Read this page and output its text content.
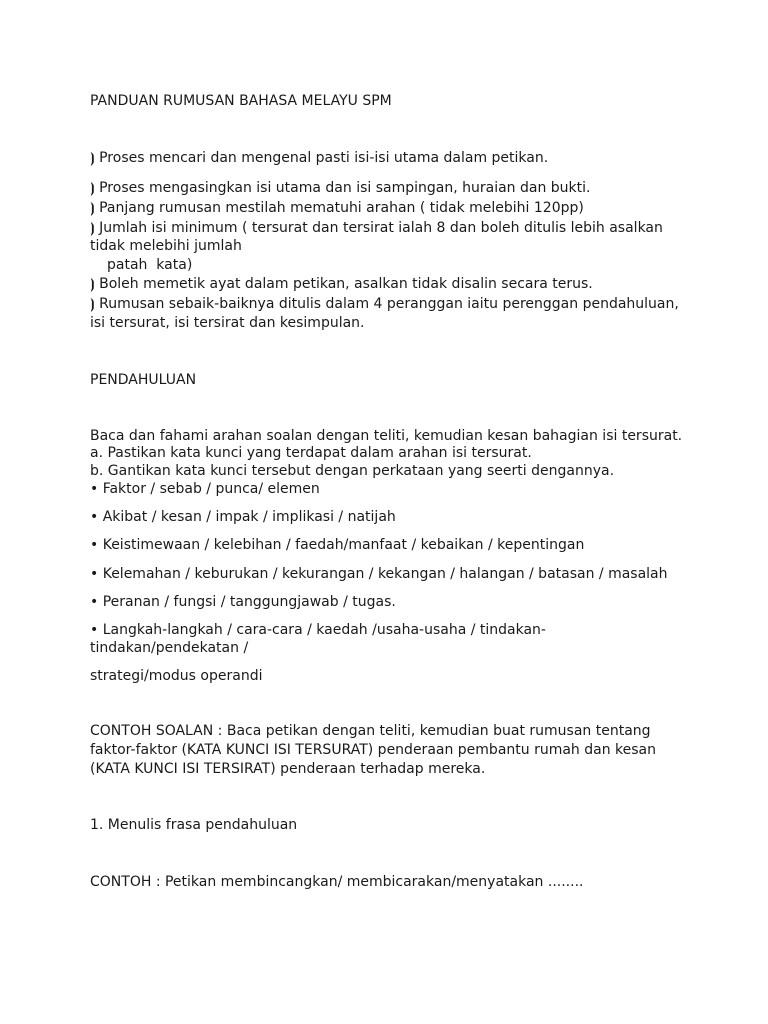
PANDUAN RUMUSAN BAHASA MELAYU SPM
⦘ Proses mencari dan mengenal pasti isi-isi utama dalam petikan.
⦘ Proses mengasingkan isi utama dan isi sampingan, huraian dan bukti.
⦘ Panjang rumusan mestilah mematuhi arahan ( tidak melebihi 120pp)
⦘ Jumlah isi minimum ( tersurat dan tersirat ialah 8 dan boleh ditulis lebih asalkan
tidak melebihi jumlah
patah  kata)
⦘ Boleh memetik ayat dalam petikan, asalkan tidak disalin secara terus.
⦘ Rumusan sebaik-baiknya ditulis dalam 4 peranggan iaitu perenggan pendahuluan,
isi tersurat, isi tersirat dan kesimpulan.
PENDAHULUAN
Baca dan fahami arahan soalan dengan teliti, kemudian kesan bahagian isi tersurat.
a. Pastikan kata kunci yang terdapat dalam arahan isi tersurat.
b. Gantikan kata kunci tersebut dengan perkataan yang seerti dengannya.
• Faktor / sebab / punca/ elemen
• Akibat / kesan / impak / implikasi / natijah
• Keistimewaan / kelebihan / faedah/manfaat / kebaikan / kepentingan
• Kelemahan / keburukan / kekurangan / kekangan / halangan / batasan / masalah
• Peranan / fungsi / tanggungjawab / tugas.
• Langkah-langkah / cara-cara / kaedah /usaha-usaha / tindakan-
tindakan/pendekatan /
strategi/modus operandi
CONTOH SOALAN : Baca petikan dengan teliti, kemudian buat rumusan tentang
faktor-faktor (KATA KUNCI ISI TERSURAT) penderaan pembantu rumah dan kesan
(KATA KUNCI ISI TERSIRAT) penderaan terhadap mereka.
1. Menulis frasa pendahuluan
CONTOH : Petikan membincangkan/ membicarakan/menyatakan ........
